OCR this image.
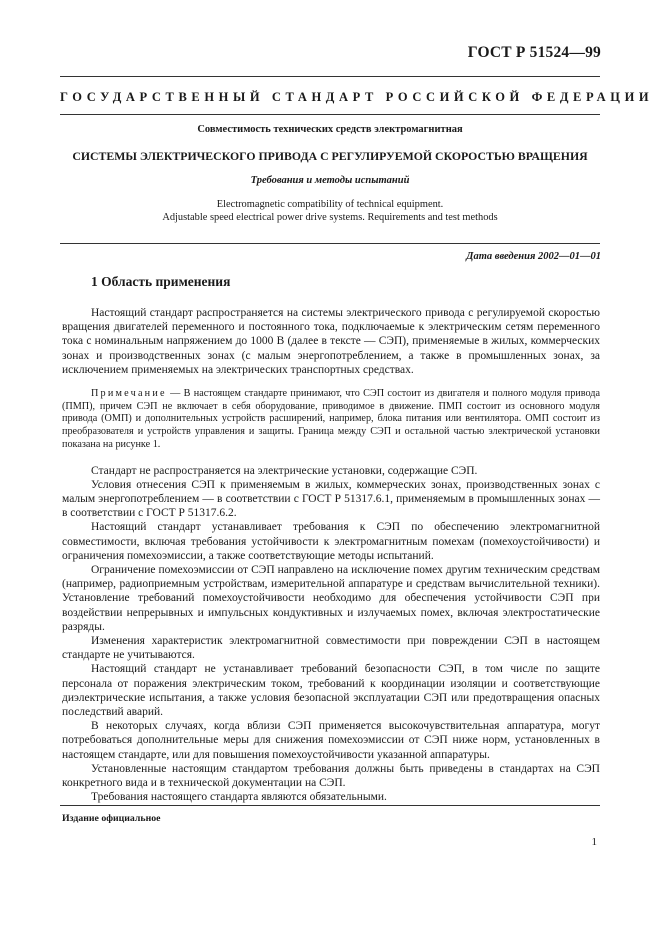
ГОСТ Р 51524—99
ГОСУДАРСТВЕННЫЙ СТАНДАРТ РОССИЙСКОЙ ФЕДЕРАЦИИ
Совместимость технических средств электромагнитная
СИСТЕМЫ ЭЛЕКТРИЧЕСКОГО ПРИВОДА С РЕГУЛИРУЕМОЙ СКОРОСТЬЮ ВРАЩЕНИЯ
Требования и методы испытаний
Electromagnetic compatibility of technical equipment.
Adjustable speed electrical power drive systems. Requirements and test methods
Дата введения 2002—01—01
1 Область применения

Настоящий стандарт распространяется на системы электрического привода с регулируемой скоростью вращения двигателей переменного и постоянного тока, подключаемые к электрическим сетям переменного тока с номинальным напряжением до 1000 В (далее в тексте — СЭП), применяемые в жилых, коммерческих зонах и производственных зонах (с малым энергопотреблением, а также в промышленных зонах, за исключением применяемых на электрических транспортных средствах.

Примечание — В настоящем стандарте принимают, что СЭП состоит из двигателя и полного модуля привода (ПМП), причем СЭП не включает в себя оборудование, приводимое в движение. ПМП состоит из основного модуля привода (ОМП) и дополнительных устройств расширений, например, блока питания или вентилятора. ОМП состоит из преобразователя и устройств управления и защиты. Граница между СЭП и остальной частью электрической установки показана на рисунке 1.

Стандарт не распространяется на электрические установки, содержащие СЭП.

Условия отнесения СЭП к применяемым в жилых, коммерческих зонах, производственных зонах с малым энергопотреблением — в соответствии с ГОСТ Р 51317.6.1, применяемым в промышленных зонах — в соответствии с ГОСТ Р 51317.6.2.

Настоящий стандарт устанавливает требования к СЭП по обеспечению электромагнитной совместимости, включая требования устойчивости к электромагнитным помехам (помехоустойчивости) и ограничения помехоэмиссии, а также соответствующие методы испытаний.

Ограничение помехоэмиссии от СЭП направлено на исключение помех другим техническим средствам (например, радиоприемным устройствам, измерительной аппаратуре и средствам вычислительной техники). Установление требований помехоустойчивости необходимо для обеспечения устойчивости СЭП при воздействии непрерывных и импульсных кондуктивных и излучаемых помех, включая электростатические разряды.

Изменения характеристик электромагнитной совместимости при повреждении СЭП в настоящем стандарте не учитываются.

Настоящий стандарт не устанавливает требований безопасности СЭП, в том числе по защите персонала от поражения электрическим током, требований к координации изоляции и соответствующие диэлектрические испытания, а также условия безопасной эксплуатации СЭП или предотвращения опасных последствий аварий.

В некоторых случаях, когда вблизи СЭП применяется высокочувствительная аппаратура, могут потребоваться дополнительные меры для снижения помехоэмиссии от СЭП ниже норм, установленных в настоящем стандарте, или для повышения помехоустойчивости указанной аппаратуры.

Установленные настоящим стандартом требования должны быть приведены в стандартах на СЭП конкретного вида и в технической документации на СЭП.

Требования настоящего стандарта являются обязательными.

Издание официальное
1
